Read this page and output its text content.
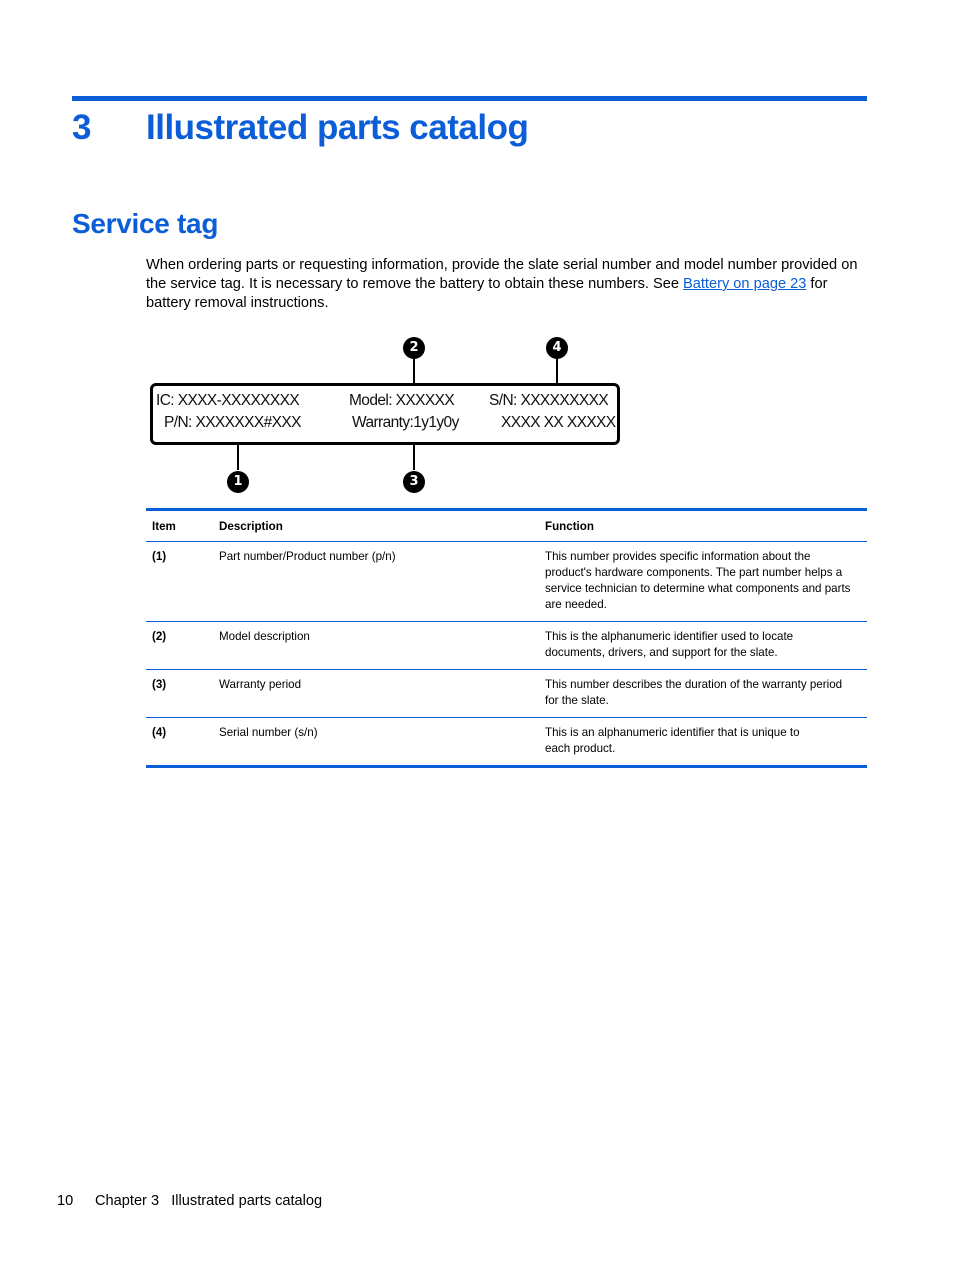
3	Illustrated parts catalog
Service tag

When ordering parts or requesting information, provide the slate serial number and model number provided on the service tag. It is necessary to remove the battery to obtain these numbers. See Battery on page 23 for battery removal instructions.

IC: XXXX-XXXXXXXX
P/N: XXXXXXX#XXX
Model: XXXXXX
Warranty:1y1y0y
S/N: XXXXXXXXX
XXXX XX XXXXX
2	4
1	3
Item	Description	Function
(1)	Part number/Product number (p/n)	This number provides specific information about the product's hardware components. The part number helps a service technician to determine what components and parts are needed.

(2)	Model description	This is the alphanumeric identifier used to locate documents, drivers, and support for the slate.

(3)	Warranty period	This number describes the duration of the warranty period for the slate.

(4)	Serial number (s/n)	This is an alphanumeric identifier that is unique to each product.
10 Chapter 3   Illustrated parts catalog
